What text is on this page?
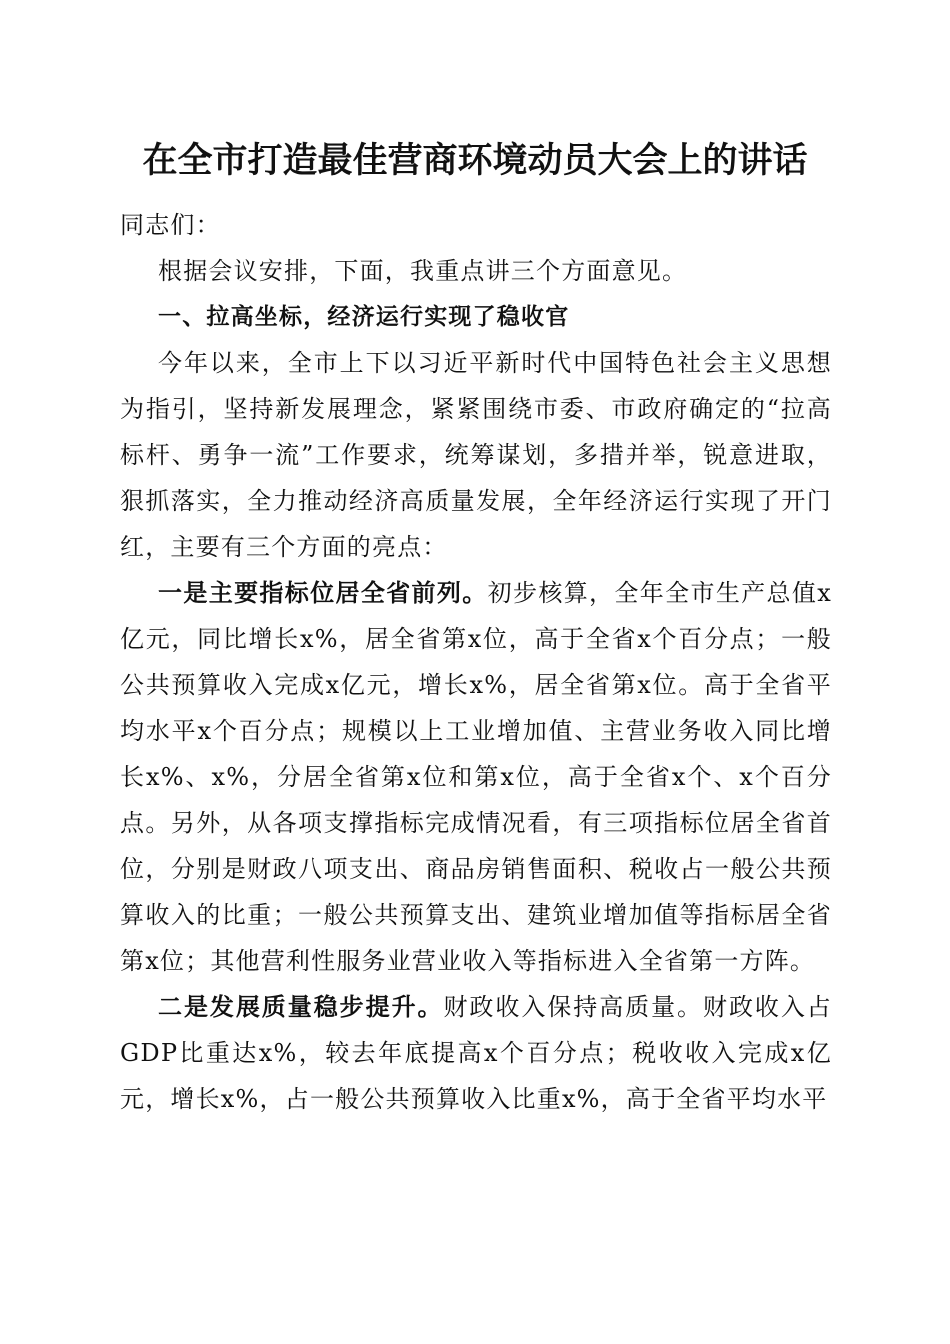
在全市打造最佳营商环境动员大会上的讲话

同志们：

根据会议安排，下面，我重点讲三个方面意见。

一、拉高坐标，经济运行实现了稳收官

今年以来，全市上下以习近平新时代中国特色社会主义思想为指引，坚持新发展理念，紧紧围绕市委、市政府确定的“拉高标杆、勇争一流”工作要求，统筹谋划，多措并举，锐意进取，狠抓落实，全力推动经济高质量发展，全年经济运行实现了开门红，主要有三个方面的亮点：

一是主要指标位居全省前列。初步核算，全年全市生产总值x亿元，同比增长x%，居全省第x位，高于全省x个百分点；一般公共预算收入完成x亿元，增长x%，居全省第x位。高于全省平均水平x个百分点；规模以上工业增加值、主营业务收入同比增长x%、x%，分居全省第x位和第x位，高于全省x个、x个百分点。另外，从各项支撑指标完成情况看，有三项指标位居全省首位，分别是财政八项支出、商品房销售面积、税收占一般公共预算收入的比重；一般公共预算支出、建筑业增加值等指标居全省第x位；其他营利性服务业营业收入等指标进入全省第一方阵。

二是发展质量稳步提升。财政收入保持高质量。财政收入占GDP比重达x%，较去年底提高x个百分点；税收收入完成x亿元，增长x%，占一般公共预算收入比重x%，高于全省平均水平
